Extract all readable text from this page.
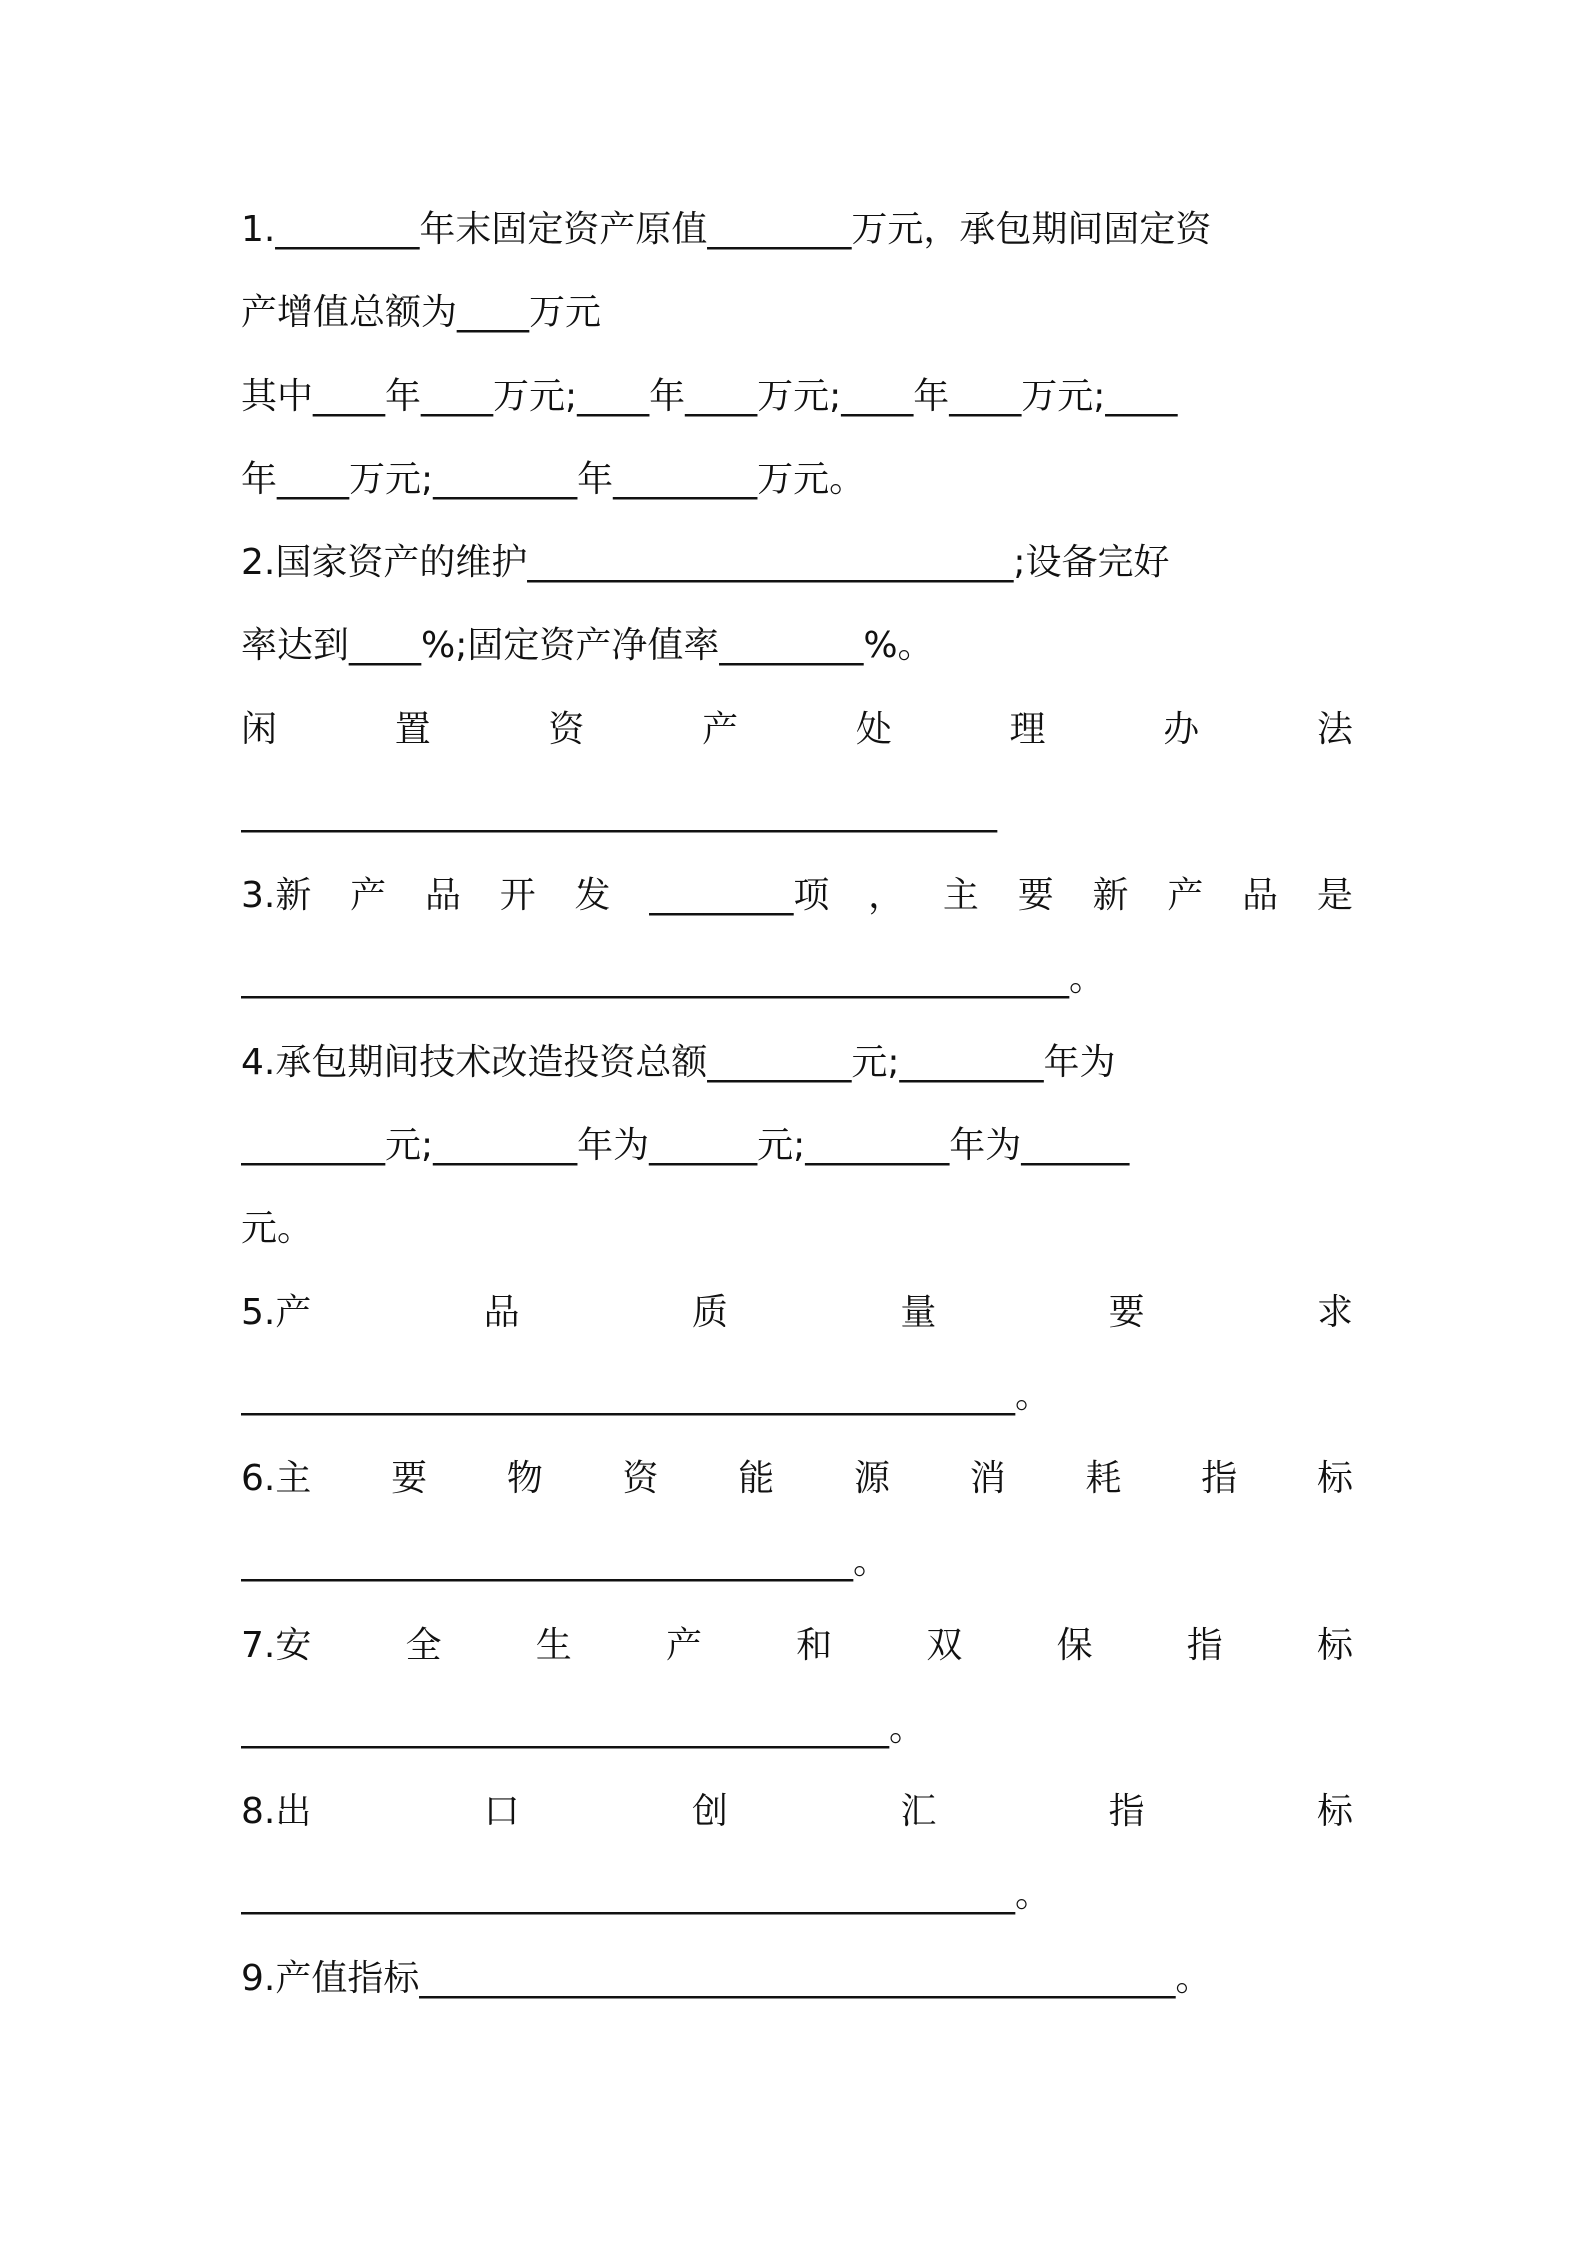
1.________年末固定资产原值________万元，承包期间固定资
产增值总额为____万元
其中____年____万元;____年____万元;____年____万元;____
年____万元;________年________万元。
2.国家资产的维护___________________________;设备完好
率达到____%;固定资产净值率________%。
闲	置	资	产	处	理	办	法
__________________________________________
3.新 产 品 开 发 ________项 ， 主 要 新 产 品 是
______________________________________________。
4.承包期间技术改造投资总额________元;________年为
________元;________年为______元;________年为______
元。
5.产	品	质	量	要	求
___________________________________________。
6.主 要 物 资 能 源 消 耗 指 标
__________________________________。
7.安	全	生	产	和	双	保	指	标
____________________________________。
8.出	口	创	汇	指	标
___________________________________________。
9.产值指标__________________________________________。
